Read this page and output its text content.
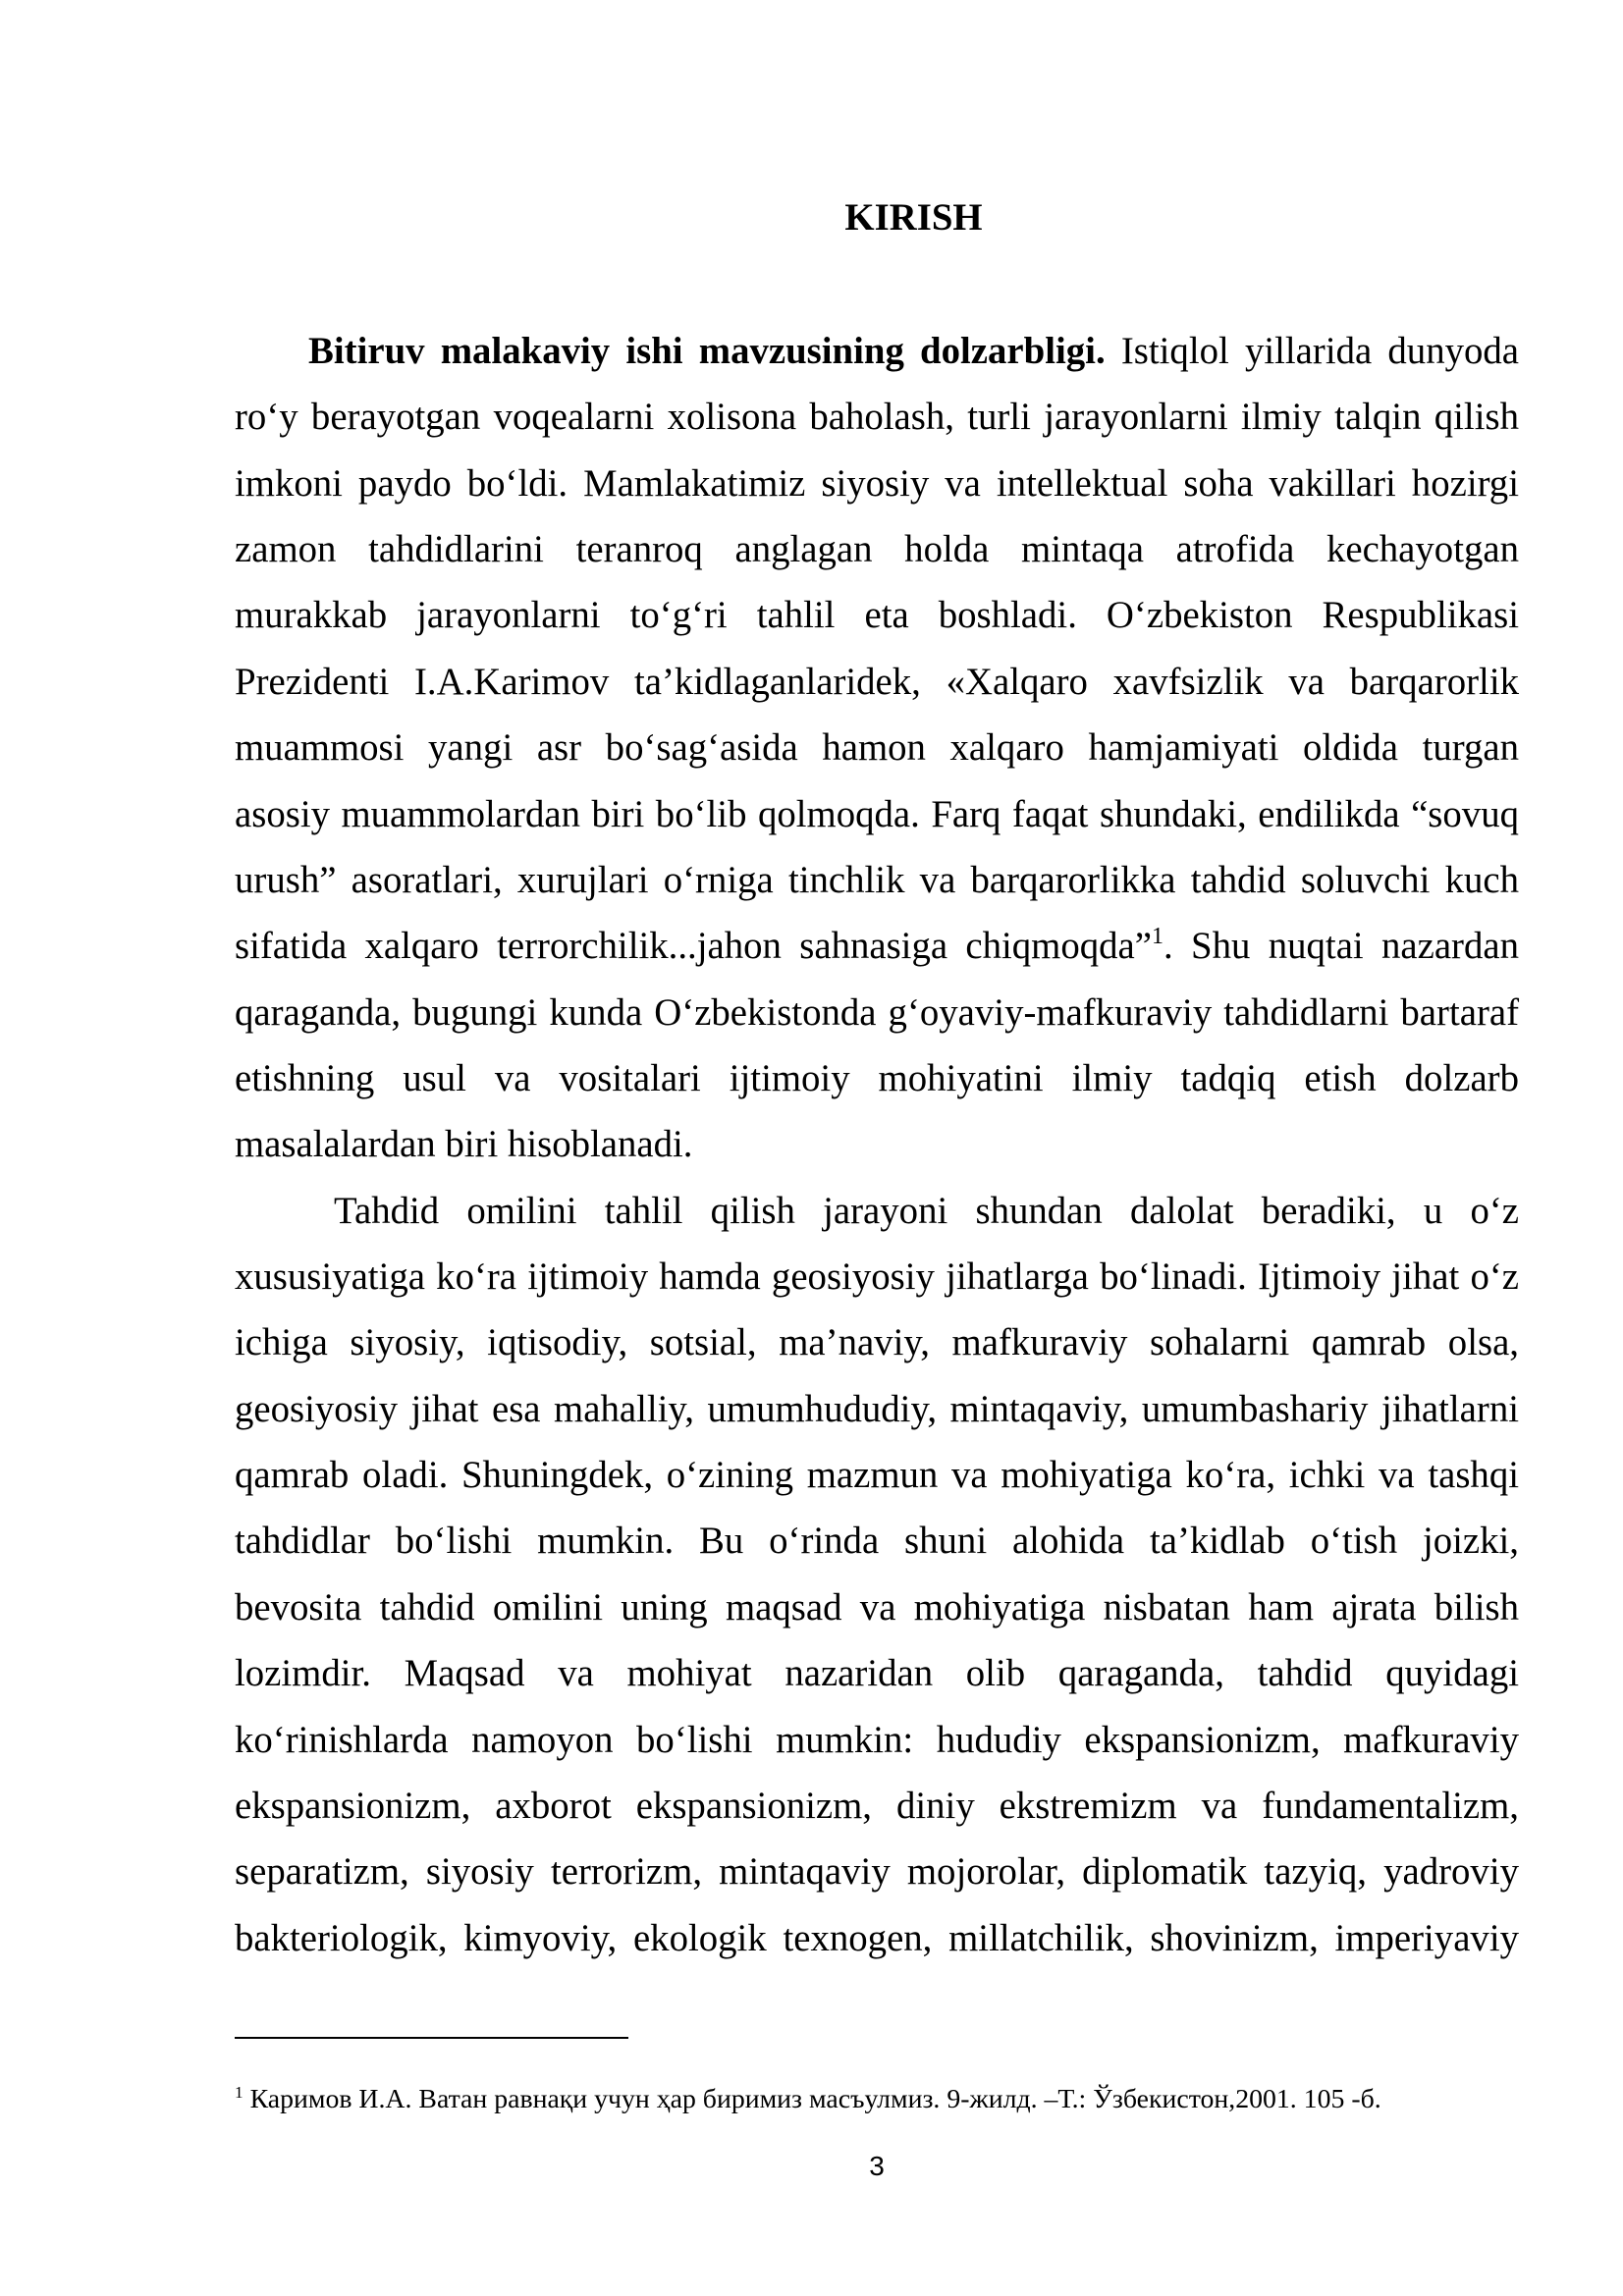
KIRISH
Bitiruv malakaviy ishi mavzusining dolzarbligi. Istiqlol yillarida dunyoda
ro‘y berayotgan voqealarni xolisona baholash, turli jarayonlarni ilmiy talqin qilish
imkoni paydo bo‘ldi. Mamlakatimiz siyosiy va intellektual soha vakillari hozirgi
zamon tahdidlarini teranroq anglagan holda mintaqa atrofida kechayotgan
murakkab jarayonlarni to‘g‘ri tahlil eta boshladi. O‘zbekiston Respublikasi
Prezidenti I.A.Karimov ta’kidlaganlaridek, «Xalqaro xavfsizlik va barqarorlik
muammosi yangi asr bo‘sag‘asida hamon xalqaro hamjamiyati oldida turgan
asosiy muammolardan biri bo‘lib qolmoqda. Farq faqat shundaki, endilikda “sovuq
urush” asoratlari, xurujlari o‘rniga tinchlik va barqarorlikka tahdid soluvchi kuch
sifatida xalqaro terrorchilik...jahon sahnasiga chiqmoqda”$^1$. Shu nuqtai nazardan
qaraganda, bugungi kunda O‘zbekistonda g‘oyaviy-mafkuraviy tahdidlarni bartaraf
etishning usul va vositalari ijtimoiy mohiyatini ilmiy tadqiq etish dolzarb
masalalardan biri hisoblanadi.
Tahdid omilini tahlil qilish jarayoni shundan dalolat beradiki, u o‘z
xususiyatiga ko‘ra ijtimoiy hamda geosiyosiy jihatlarga bo‘linadi. Ijtimoiy jihat o‘z
ichiga siyosiy, iqtisodiy, sotsial, ma’naviy, mafkuraviy sohalarni qamrab olsa,
geosiyosiy jihat esa mahalliy, umumhududiy, mintaqaviy, umumbashariy jihatlarni
qamrab oladi. Shuningdek, o‘zining mazmun va mohiyatiga ko‘ra, ichki va tashqi
tahdidlar bo‘lishi mumkin. Bu o‘rinda shuni alohida ta’kidlab o‘tish joizki,
bevosita tahdid omilini uning maqsad va mohiyatiga nisbatan ham ajrata bilish
lozimdir. Maqsad va mohiyat nazaridan olib qaraganda, tahdid quyidagi
ko‘rinishlarda namoyon bo‘lishi mumkin: hududiy ekspansionizm, mafkuraviy
ekspansionizm, axborot ekspansionizm, diniy ekstremizm va fundamentalizm,
separatizm, siyosiy terrorizm, mintaqaviy mojorolar, diplomatik tazyiq, yadroviy
bakteriologik, kimyoviy, ekologik texnogen, millatchilik, shovinizm, imperiyaviy
$^1$ Каримов И.А. Ватан равнақи учун ҳар биримиз масъулмиз. 9-жилд. –Т.: Ўзбекистон,2001. 105 -б.
3
